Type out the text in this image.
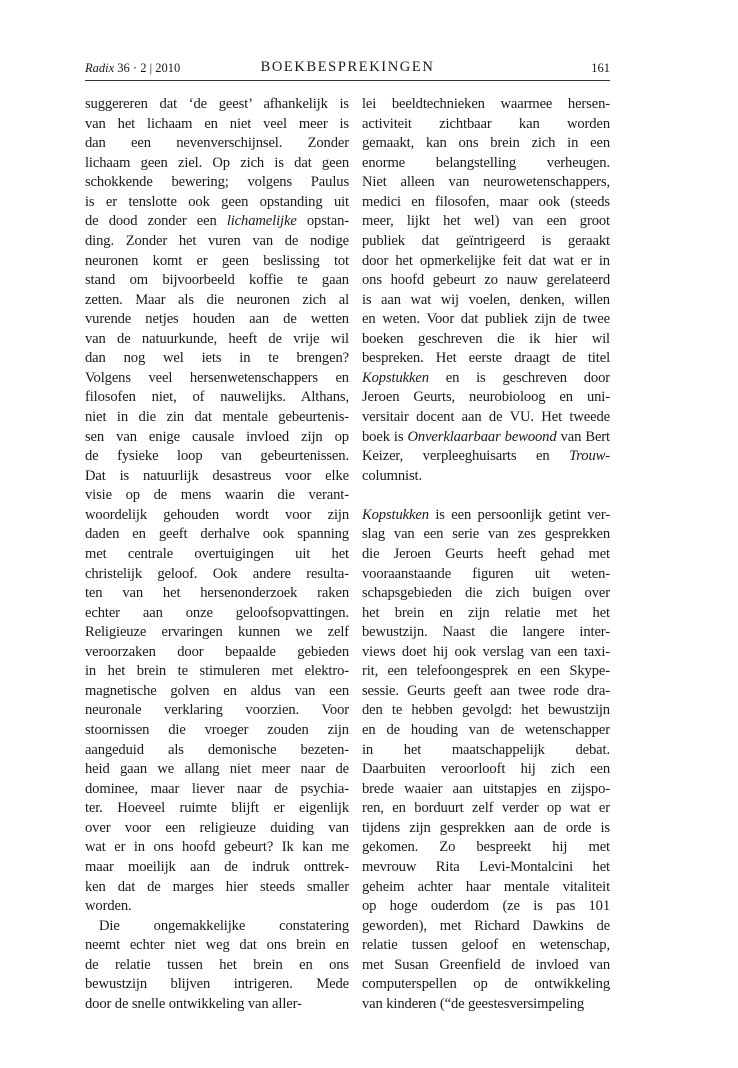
Radix 36 · 2 | 2010	BOEKBESPREKINGEN	161
suggereren dat ‘de geest’ afhankelijk is
van het lichaam en niet veel meer is
dan een nevenverschijnsel. Zonder
lichaam geen ziel. Op zich is dat geen
schokkende bewering; volgens Paulus
is er tenslotte ook geen opstanding uit
de dood zonder een lichamelijke opstan-
ding. Zonder het vuren van de nodige
neuronen komt er geen beslissing tot
stand om bijvoorbeeld koffie te gaan
zetten. Maar als die neuronen zich al
vurende netjes houden aan de wetten
van de natuurkunde, heeft de vrije wil
dan nog wel iets in te brengen?
Volgens veel hersenwetenschappers en
filosofen niet, of nauwelijks. Althans,
niet in die zin dat mentale gebeurtenis-
sen van enige causale invloed zijn op
de fysieke loop van gebeurtenissen.
Dat is natuurlijk desastreus voor elke
visie op de mens waarin die verant-
woordelijk gehouden wordt voor zijn
daden en geeft derhalve ook spanning
met centrale overtuigingen uit het
christelijk geloof. Ook andere resulta-
ten van het hersenonderzoek raken
echter aan onze geloofsopvattingen.
Religieuze ervaringen kunnen we zelf
veroorzaken door bepaalde gebieden
in het brein te stimuleren met elektro-
magnetische golven en aldus van een
neuronale verklaring voorzien. Voor
stoornissen die vroeger zouden zijn
aangeduid als demonische bezeten-
heid gaan we allang niet meer naar de
dominee, maar liever naar de psychia-
ter. Hoeveel ruimte blijft er eigenlijk
over voor een religieuze duiding van
wat er in ons hoofd gebeurt? Ik kan me
maar moeilijk aan de indruk onttrek-
ken dat de marges hier steeds smaller
worden.
Die ongemakkelijke constatering
neemt echter niet weg dat ons brein en
de relatie tussen het brein en ons
bewustzijn blijven intrigeren. Mede
door de snelle ontwikkeling van aller-
lei beeldtechnieken waarmee hersen-
activiteit zichtbaar kan worden
gemaakt, kan ons brein zich in een
enorme belangstelling verheugen.
Niet alleen van neurowetenschappers,
medici en filosofen, maar ook (steeds
meer, lijkt het wel) van een groot
publiek dat geïntrigeerd is geraakt
door het opmerkelijke feit dat wat er in
ons hoofd gebeurt zo nauw gerelateerd
is aan wat wij voelen, denken, willen
en weten. Voor dat publiek zijn de twee
boeken geschreven die ik hier wil
bespreken. Het eerste draagt de titel
Kopstukken en is geschreven door
Jeroen Geurts, neurobioloog en uni-
versitair docent aan de VU. Het tweede
boek is Onverklaarbaar bewoond van Bert
Keizer, verpleeghuisarts en Trouw-
columnist.
Kopstukken is een persoonlijk getint ver-
slag van een serie van zes gesprekken
die Jeroen Geurts heeft gehad met
vooraanstaande figuren uit weten-
schapsgebieden die zich buigen over
het brein en zijn relatie met het
bewustzijn. Naast die langere inter-
views doet hij ook verslag van een taxi-
rit, een telefoongesprek en een Skype-
sessie. Geurts geeft aan twee rode dra-
den te hebben gevolgd: het bewustzijn
en de houding van de wetenschapper
in het maatschappelijk debat.
Daarbuiten veroorlooft hij zich een
brede waaier aan uitstapjes en zijspo-
ren, en borduurt zelf verder op wat er
tijdens zijn gesprekken aan de orde is
gekomen. Zo bespreekt hij met
mevrouw Rita Levi-Montalcini het
geheim achter haar mentale vitaliteit
op hoge ouderdom (ze is pas 101
geworden), met Richard Dawkins de
relatie tussen geloof en wetenschap,
met Susan Greenfield de invloed van
computerspellen op de ontwikkeling
van kinderen (“de geestesversimpeling
